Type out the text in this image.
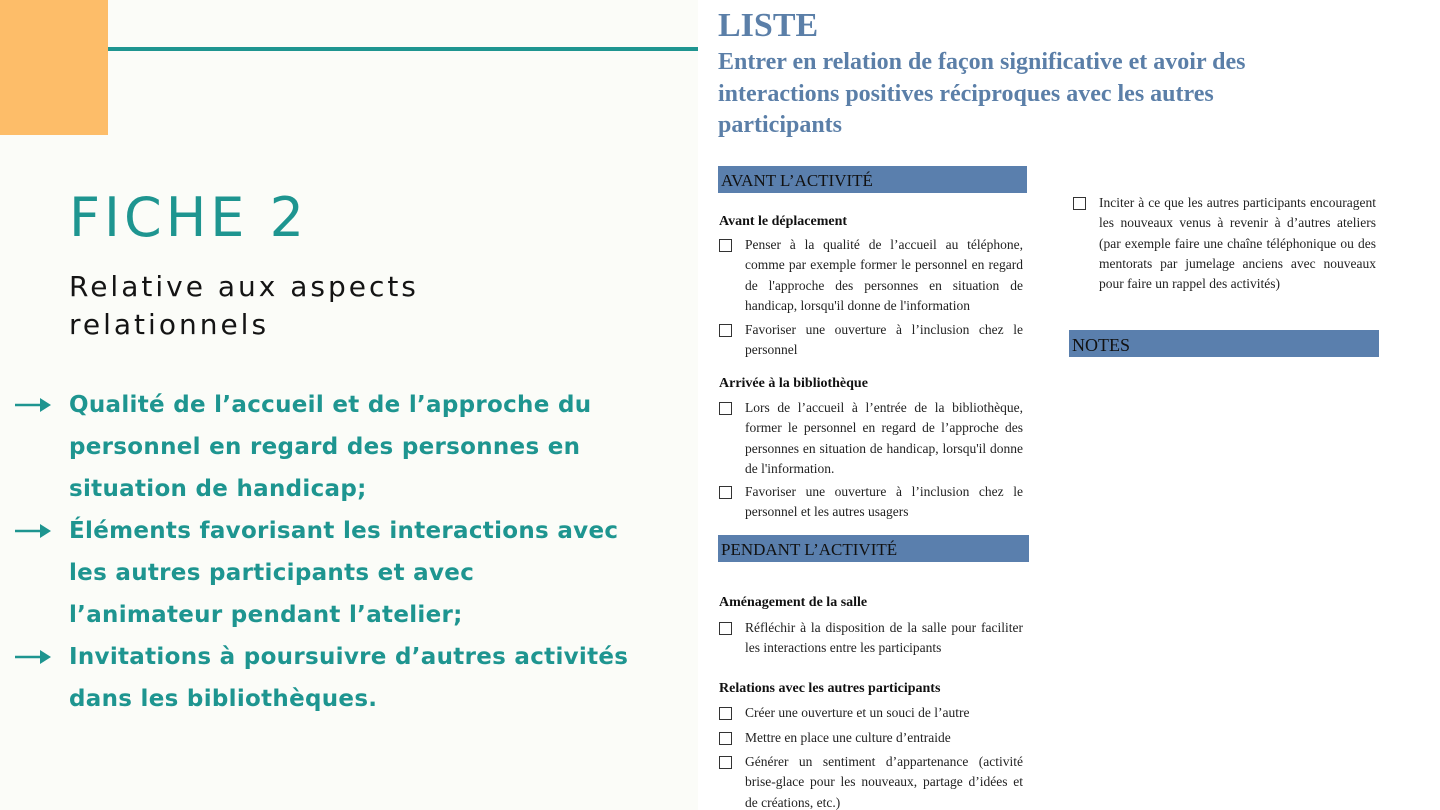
FICHE 2
Relative aux aspects relationnels
Qualité de l’accueil et de l’approche du personnel en regard des personnes en situation de handicap;
Éléments favorisant les interactions avec les autres participants et avec l’animateur pendant l’atelier;
Invitations à poursuivre d’autres activités dans les bibliothèques.
LISTE
Entrer en relation de façon significative et avoir des interactions positives réciproques avec les autres participants
AVANT L’ACTIVITÉ

Avant le déplacement

Penser à la qualité de l’accueil au téléphone, comme par exemple former le personnel en regard de l'approche des personnes en situation de handicap, lorsqu'il donne de l'information
Favoriser une ouverture à l’inclusion chez le personnel

Arrivée à la bibliothèque

Lors de l’accueil à l’entrée de la bibliothèque, former le personnel en regard de l’approche des personnes en situation de handicap, lorsqu'il donne de l'information.
Favoriser une ouverture à l’inclusion chez le personnel et les autres usagers
PENDANT L’ACTIVITÉ

Aménagement de la salle

Réfléchir à la disposition de la salle pour faciliter les interactions entre les participants

Relations avec les autres participants

Créer une ouverture et un souci de l’autre
Mettre en place une culture d’entraide
Générer un sentiment d’appartenance (activité brise-glace pour les nouveaux, partage d’idées et de créations, etc.)
Inciter à ce que les autres participants encouragent les nouveaux venus à revenir à d’autres ateliers (par exemple faire une chaîne téléphonique ou des mentorats par jumelage anciens avec nouveaux pour faire un rappel des activités)
NOTES
